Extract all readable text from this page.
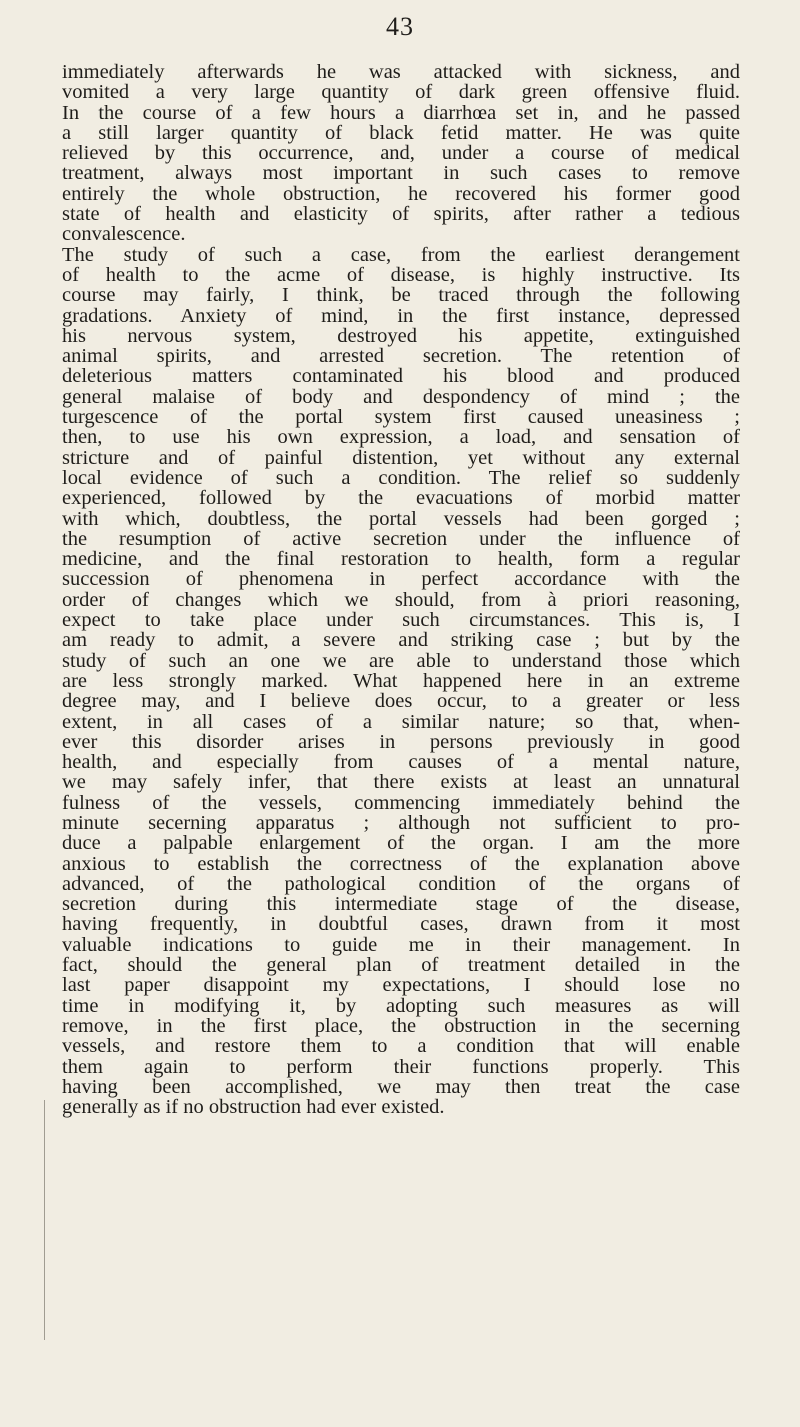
43
immediately afterwards he was attacked with sickness, and
vomited a very large quantity of dark green offensive fluid.
In the course of a few hours a diarrhœa set in, and he passed
a still larger quantity of black fetid matter. He was quite
relieved by this occurrence, and, under a course of medical
treatment, always most important in such cases to remove
entirely the whole obstruction, he recovered his former good
state of health and elasticity of spirits, after rather a tedious
convalescence.
The study of such a case, from the earliest derangement
of health to the acme of disease, is highly instructive. Its
course may fairly, I think, be traced through the following
gradations. Anxiety of mind, in the first instance, depressed
his nervous system, destroyed his appetite, extinguished
animal spirits, and arrested secretion. The retention of
deleterious matters contaminated his blood and produced
general malaise of body and despondency of mind ; the
turgescence of the portal system first caused uneasiness ;
then, to use his own expression, a load, and sensation of
stricture and of painful distention, yet without any external
local evidence of such a condition. The relief so suddenly
experienced, followed by the evacuations of morbid matter
with which, doubtless, the portal vessels had been gorged ;
the resumption of active secretion under the influence of
medicine, and the final restoration to health, form a regular
succession of phenomena in perfect accordance with the
order of changes which we should, from à priori reasoning,
expect to take place under such circumstances. This is, I
am ready to admit, a severe and striking case ; but by the
study of such an one we are able to understand those which
are less strongly marked. What happened here in an extreme
degree may, and I believe does occur, to a greater or less
extent, in all cases of a similar nature; so that, when-
ever this disorder arises in persons previously in good
health, and especially from causes of a mental nature,
we may safely infer, that there exists at least an unnatural
fulness of the vessels, commencing immediately behind the
minute secerning apparatus ; although not sufficient to pro-
duce a palpable enlargement of the organ. I am the more
anxious to establish the correctness of the explanation above
advanced, of the pathological condition of the organs of
secretion during this intermediate stage of the disease,
having frequently, in doubtful cases, drawn from it most
valuable indications to guide me in their management. In
fact, should the general plan of treatment detailed in the
last paper disappoint my expectations, I should lose no
time in modifying it, by adopting such measures as will
remove, in the first place, the obstruction in the secerning
vessels, and restore them to a condition that will enable
them again to perform their functions properly. This
having been accomplished, we may then treat the case
generally as if no obstruction had ever existed.
